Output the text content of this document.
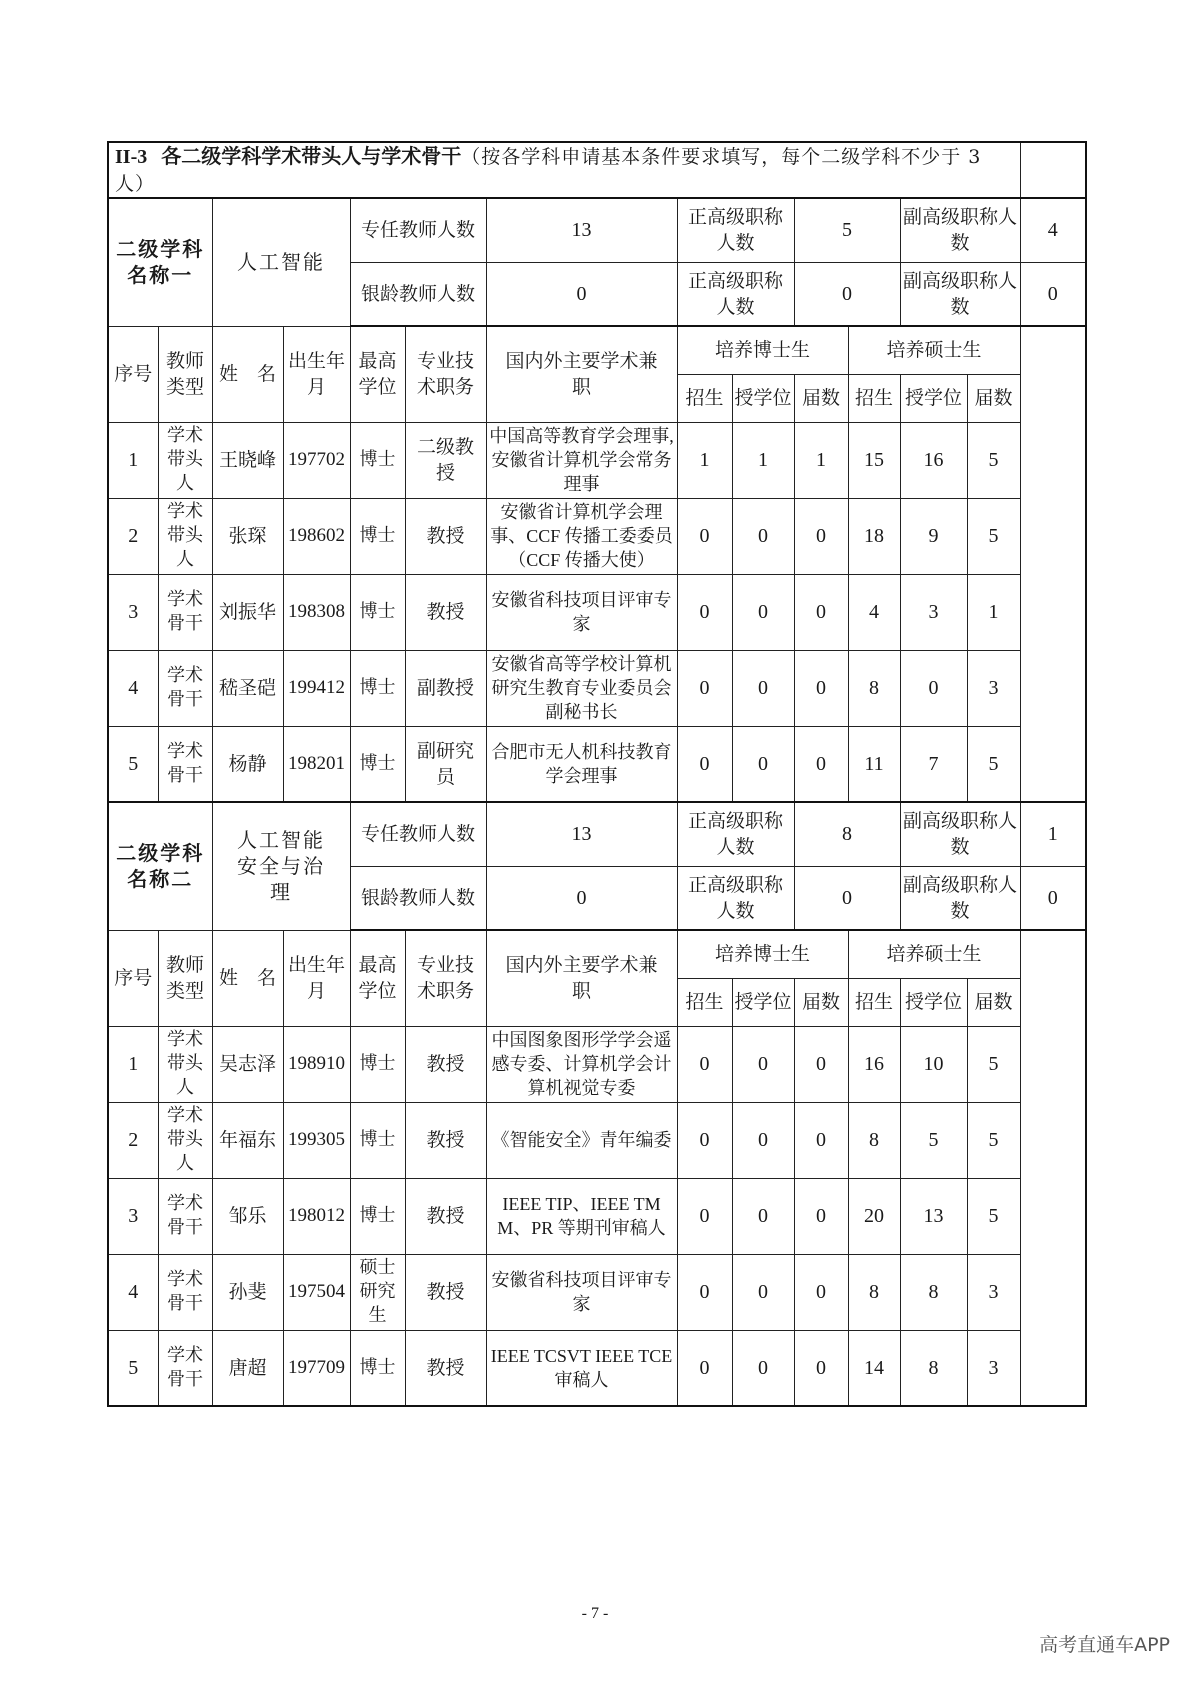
II-3 各二级学科学术带头人与学术骨干（按各学科申请基本条件要求填写，每个二级学科不少于 3 人）													

二级学科
名称一		人工智能		专任教师人数		13	正高级职称人数		5		副高级职称人数		4
				银龄教师人数		0	正高级职称人数		0		副高级职称人数		0
序号	教师类型	姓　名	出生年月	最高学位	专业技术职务	国内外主要学术兼职	培养博士生			培养硕士生			
							招生	授学位	届数	招生	授学位	届数	
1	学术带头人	王晓峰	197702	博士	二级教授	中国高等教育学会理事,安徽省计算机学会常务理事	1	1	1	15	16	5	
2	学术带头人	张琛	198602	博士	教授	安徽省计算机学会理事、CCF 传播工委委员（CCF 传播大使）	0	0	0	18	9	5	
3	学术骨干	刘振华	198308	博士	教授	安徽省科技项目评审专家	0	0	0	4	3	1	
4	学术骨干	嵇圣硙	199412	博士	副教授	安徽省高等学校计算机研究生教育专业委员会副秘书长	0	0	0	8	0	3	
5	学术骨干	杨静	198201	博士	副研究员	合肥市无人机科技教育学会理事	0	0	0	11	7	5	

二级学科
名称二		人工智能安全与治理		专任教师人数		13	正高级职称人数		8		副高级职称人数		1
				银龄教师人数		0	正高级职称人数		0		副高级职称人数		0
序号	教师类型	姓　名	出生年月	最高学位	专业技术职务	国内外主要学术兼职	培养博士生			培养硕士生			
							招生	授学位	届数	招生	授学位	届数	
1	学术带头人	吴志泽	198910	博士	教授	中国图象图形学学会遥感专委、计算机学会计算机视觉专委	0	0	0	16	10	5	
2	学术带头人	年福东	199305	博士	教授	《智能安全》青年编委	0	0	0	8	5	5	
3	学术骨干	邹乐	198012	博士	教授	IEEE TIP、IEEE TMM、PR 等期刊审稿人	0	0	0	20	13	5	
4	学术骨干	孙斐	197504	硕士研究生	教授	安徽省科技项目评审专家	0	0	0	8	8	3	
5	学术骨干	唐超	197709	博士	教授	IEEE TCSVT IEEE TCE 审稿人	0	0	0	14	8	3	
- 7 -
高考直通车APP
